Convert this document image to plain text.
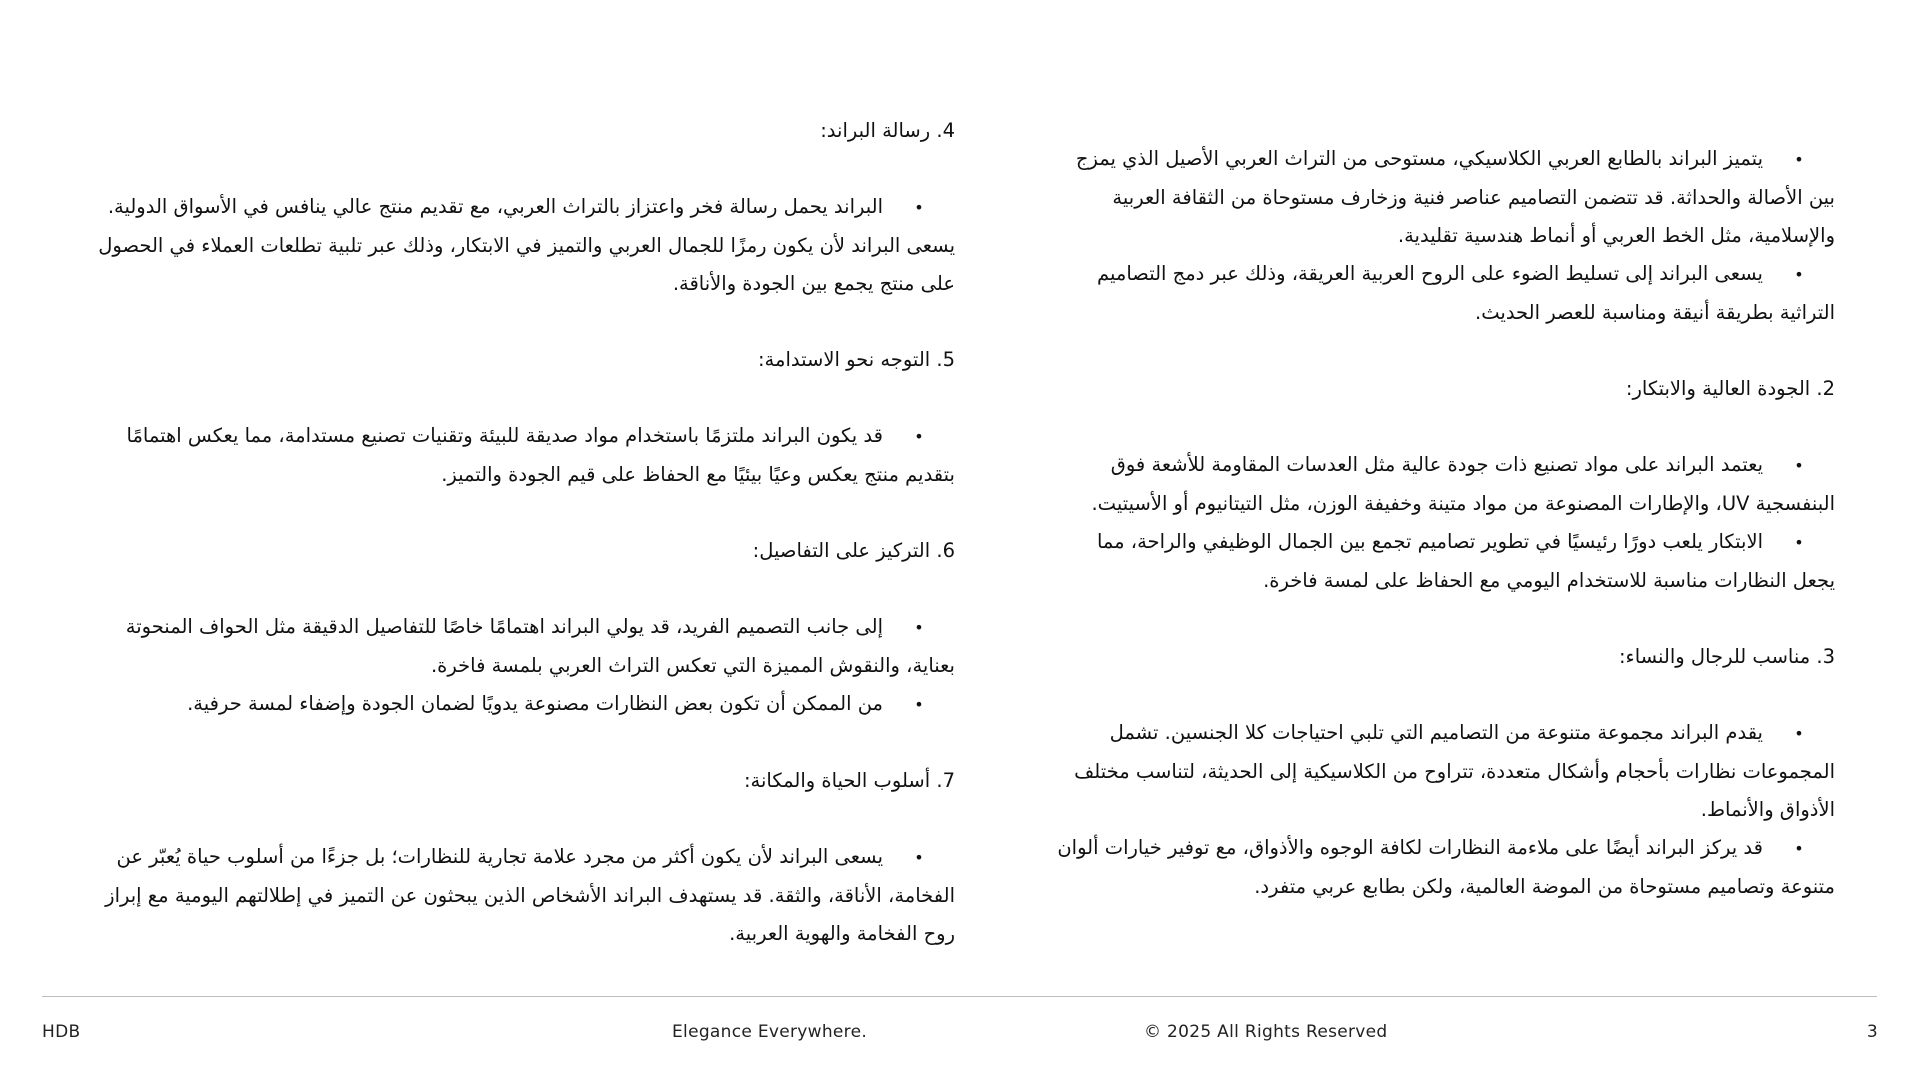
•يتميز البراند بالطابع العربي الكلاسيكي، مستوحى من التراث العربي الأصيل الذي يمزج بين الأصالة والحداثة. قد تتضمن التصاميم عناصر فنية وزخارف مستوحاة من الثقافة العربية والإسلامية، مثل الخط العربي أو أنماط هندسية تقليدية.
•يسعى البراند إلى تسليط الضوء على الروح العربية العريقة، وذلك عبر دمج التصاميم التراثية بطريقة أنيقة ومناسبة للعصر الحديث.

2. الجودة العالية والابتكار:

•يعتمد البراند على مواد تصنيع ذات جودة عالية مثل العدسات المقاومة للأشعة فوق البنفسجية UV، والإطارات المصنوعة من مواد متينة وخفيفة الوزن، مثل التيتانيوم أو الأسيتيت.
•الابتكار يلعب دورًا رئيسيًا في تطوير تصاميم تجمع بين الجمال الوظيفي والراحة، مما يجعل النظارات مناسبة للاستخدام اليومي مع الحفاظ على لمسة فاخرة.

3. مناسب للرجال والنساء:

•يقدم البراند مجموعة متنوعة من التصاميم التي تلبي احتياجات كلا الجنسين. تشمل المجموعات نظارات بأحجام وأشكال متعددة، تتراوح من الكلاسيكية إلى الحديثة، لتناسب مختلف الأذواق والأنماط.
•قد يركز البراند أيضًا على ملاءمة النظارات لكافة الوجوه والأذواق، مع توفير خيارات ألوان متنوعة وتصاميم مستوحاة من الموضة العالمية، ولكن بطابع عربي متفرد.

4. رسالة البراند:

•البراند يحمل رسالة فخر واعتزاز بالتراث العربي، مع تقديم منتج عالي ينافس في الأسواق الدولية. يسعى البراند لأن يكون رمزًا للجمال العربي والتميز في الابتكار، وذلك عبر تلبية تطلعات العملاء في الحصول على منتج يجمع بين الجودة والأناقة.

5. التوجه نحو الاستدامة:

•قد يكون البراند ملتزمًا باستخدام مواد صديقة للبيئة وتقنيات تصنيع مستدامة، مما يعكس اهتمامًا بتقديم منتج يعكس وعيًا بيئيًا مع الحفاظ على قيم الجودة والتميز.

6. التركيز على التفاصيل:

•إلى جانب التصميم الفريد، قد يولي البراند اهتمامًا خاصًا للتفاصيل الدقيقة مثل الحواف المنحوتة بعناية، والنقوش المميزة التي تعكس التراث العربي بلمسة فاخرة.
•من الممكن أن تكون بعض النظارات مصنوعة يدويًا لضمان الجودة وإضفاء لمسة حرفية.

7. أسلوب الحياة والمكانة:

•يسعى البراند لأن يكون أكثر من مجرد علامة تجارية للنظارات؛ بل جزءًا من أسلوب حياة يُعبّر عن الفخامة، الأناقة، والثقة. قد يستهدف البراند الأشخاص الذين يبحثون عن التميز في إطلالتهم اليومية مع إبراز روح الفخامة والهوية العربية.
HDB	Elegance Everywhere.	© 2025 All Rights Reserved	3
